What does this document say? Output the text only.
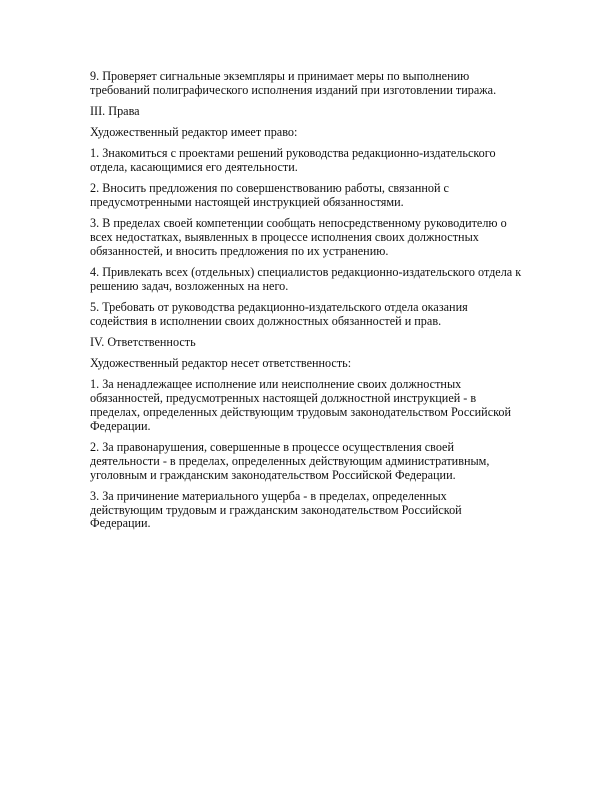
9. Проверяет сигнальные экземпляры и принимает меры по выполнению требований полиграфического исполнения изданий при изготовлении тиража.

III. Права

Художественный редактор имеет право:

1. Знакомиться с проектами решений руководства редакционно-издательского отдела, касающимися его деятельности.

2. Вносить предложения по совершенствованию работы, связанной с предусмотренными настоящей инструкцией обязанностями.

3. В пределах своей компетенции сообщать непосредственному руководителю о всех недостатках, выявленных в процессе исполнения своих должностных обязанностей, и вносить предложения по их устранению.

4. Привлекать всех (отдельных) специалистов редакционно-издательского отдела к решению задач, возложенных на него.

5. Требовать от руководства редакционно-издательского отдела оказания содействия в исполнении своих должностных обязанностей и прав.

IV. Ответственность

Художественный редактор несет ответственность:

1. За ненадлежащее исполнение или неисполнение своих должностных обязанностей, предусмотренных настоящей должностной инструкцией - в пределах, определенных действующим трудовым законодательством Российской Федерации.

2. За правонарушения, совершенные в процессе осуществления своей деятельности - в пределах, определенных действующим административным, уголовным и гражданским законодательством Российской Федерации.

3. За причинение материального ущерба - в пределах, определенных действующим трудовым и гражданским законодательством Российской Федерации.
